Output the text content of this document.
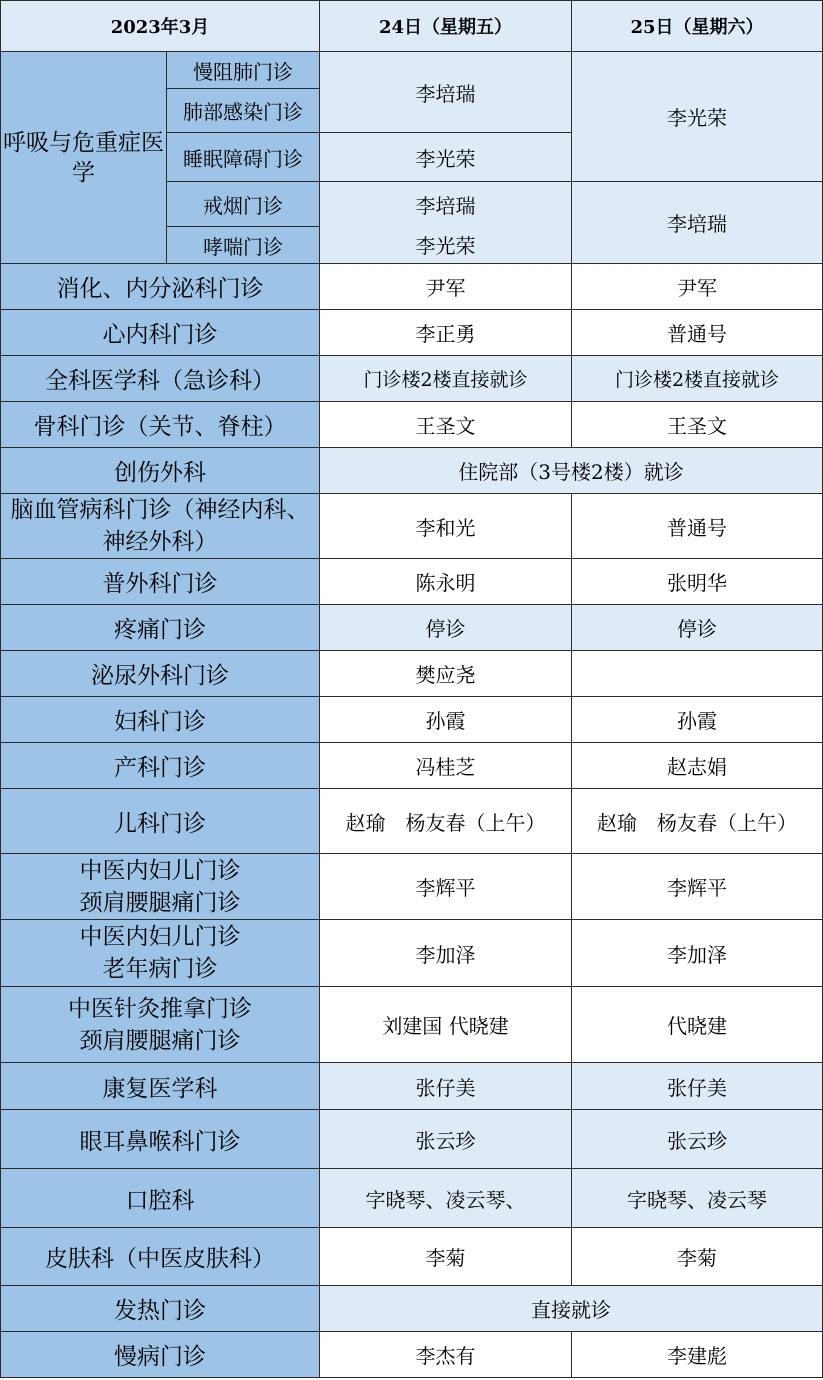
2023年3月		24日（星期五）	25日（星期六）
呼吸与危重症医学	慢阻肺门诊	李培瑞	李光荣
	肺部感染门诊		
	睡眠障碍门诊	李光荣	
	戒烟门诊	李培瑞	李培瑞
	哮喘门诊	李光荣	
消化、内分泌科门诊		尹军	尹军
心内科门诊		李正勇	普通号
全科医学科（急诊科）		门诊楼2楼直接就诊	门诊楼2楼直接就诊
骨科门诊（关节、脊柱）		王圣文	王圣文
创伤外科		住院部（3号楼2楼）就诊	
脑血管病科门诊（神经内科、神经外科）		李和光	普通号
普外科门诊		陈永明	张明华
疼痛门诊		停诊	停诊
泌尿外科门诊		樊应尧	
妇科门诊		孙霞	孙霞
产科门诊		冯桂芝	赵志娟
儿科门诊		赵瑜　杨友春（上午）	赵瑜　杨友春（上午）

中医内妇儿门诊
颈肩腰腿痛门诊		李辉平	李辉平

中医内妇儿门诊
老年病门诊		李加泽	李加泽

中医针灸推拿门诊
颈肩腰腿痛门诊		刘建国 代晓建	代晓建
康复医学科		张仔美	张仔美
眼耳鼻喉科门诊		张云珍	张云珍
口腔科		字晓琴、凌云琴、	字晓琴、凌云琴
皮肤科（中医皮肤科）		李菊	李菊
发热门诊		直接就诊	
慢病门诊		李杰有	李建彪
